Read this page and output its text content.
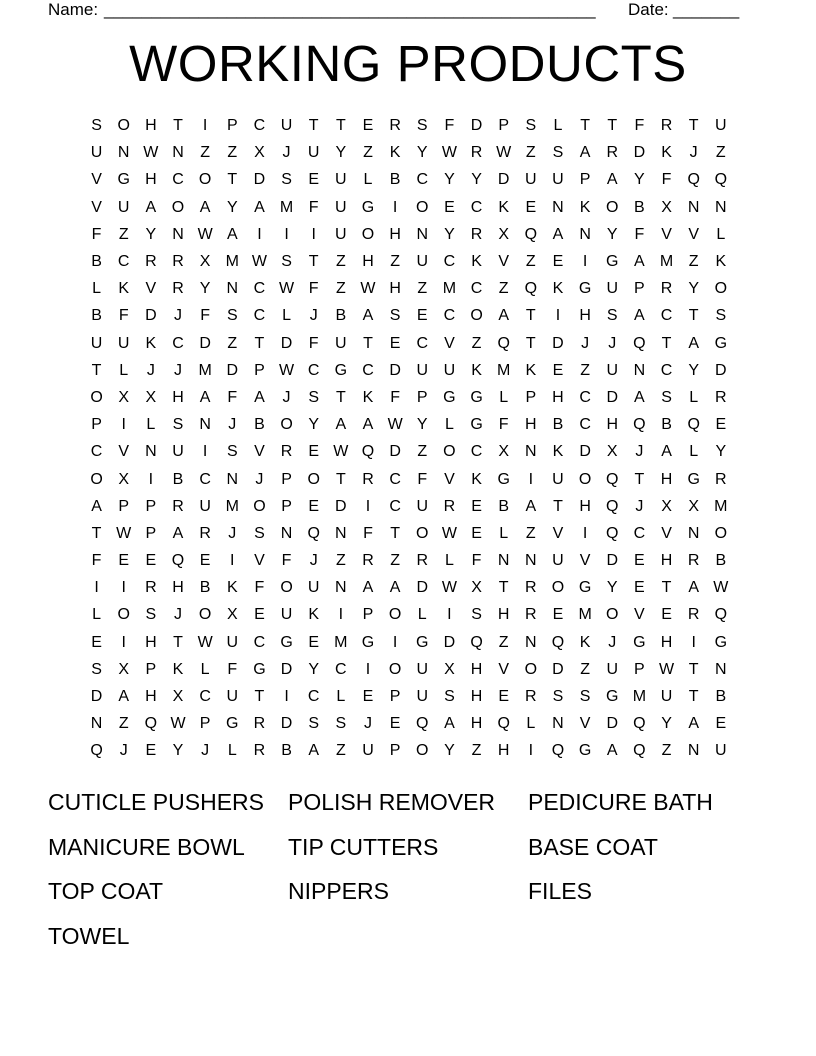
Name: ____________________________________________________ Date: _______
WORKING PRODUCTS
S O H	T	I	P	C U	T	T	E	R	S	F	D	P	S	L	T	T	F	R	T	U
U N W N	Z	Z	X	J	U	Y	Z	K	Y W R W Z	S	A	R D	K	J	Z
V G H C O	T	D	S	E	U	L	B	C	Y	Y	D U U	P	A	Y	F	Q Q
V	U	A O A	Y	A M F	U G	I	O E	C	K	E	N	K O B	X	N N
F	Z	Y	N W A	I	I	I	U O H N	Y	R	X Q A	N	Y	F	V	V	L
B	C R R	X M W S	T	Z	H	Z	U C	K	V	Z	E	I	G A M Z	K
L	K	V	R	Y	N C W F	Z W H	Z M C	Z	Q K G U	P	R	Y O
B	F	D	J	F	S	C	L	J	B	A	S	E	C O A	T	I	H	S	A	C	T	S
U U	K	C D	Z	T	D	F	U	T	E	C	V	Z	Q	T	D	J	J	Q	T	A G
T	L	J	J	M D	P W C G C D U U	K M K	E	Z	U N C	Y	D
O X	X	H	A	F	A	J	S	T	K	F	P G G	L	P	H C D	A	S	L	R
P	I	L	S	N	J	B O Y	A	A W Y	L	G	F	H	B	C H Q B Q E
C	V	N U	I	S	V	R	E W Q D	Z	O C	X	N	K	D	X	J	A	L	Y
O X	I	B	C N	J	P O	T	R C	F	V	K G	I	U O Q	T	H G R
A	P	P	R U M O P	E	D	I	C U R	E	B	A	T	H Q	J	X	X M
T W P	A	R	J	S	N Q N	F	T	O W E	L	Z	V	I	Q C	V	N O
F	E	E Q E	I	V	F	J	Z	R	Z	R	L	F	N N U	V	D	E	H R	B
I	I	R H	B	K	F	O U N	A	A	D W X	T	R O G Y	E	T	A W
L	O S	J	O X	E	U	K	I	P O	L	I	S	H R	E M O V	E	R Q
E	I	H	T W U C G E M G	I	G D Q	Z	N Q K	J	G H	I	G
S	X	P	K	L	F	G D	Y	C	I	O U	X	H	V O D	Z	U	P W T	N
D	A	H	X	C U	T	I	C	L	E	P	U	S	H	E	R	S	S G M U	T	B
N	Z	Q W P G R D	S	S	J	E Q A	H Q	L	N	V	D Q Y	A	E
Q	J	E	Y	J	L	R	B	A	Z	U	P O Y	Z	H	I	Q G A Q	Z	N U
CUTICLE PUSHERS	POLISH REMOVER	PEDICURE BATH
MANICURE BOWL	TIP CUTTERS	BASE COAT
TOP COAT	NIPPERS	FILES
TOWEL
